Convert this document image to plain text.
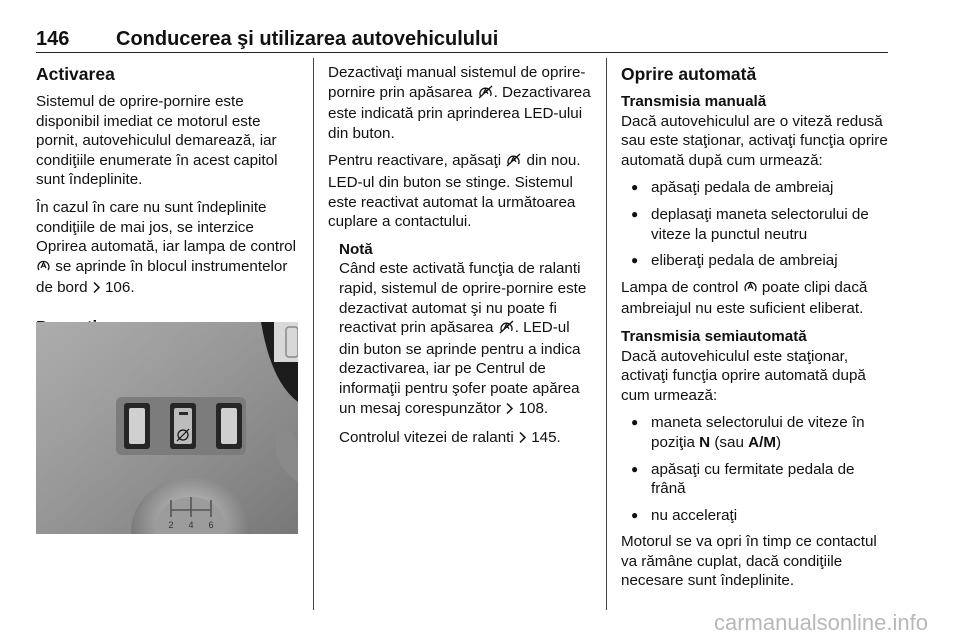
146 Conducerea şi utilizarea autovehiculului
Activarea

Sistemul de oprire-pornire este disponibil imediat ce motorul este pornit, autovehiculul demarează, iar condiţiile enumerate în acest capitol sunt îndeplinite.

În cazul în care nu sunt îndeplinite condiţiile de mai jos, se interzice Oprirea automată, iar lampa de control  se aprinde în blocul instrumentelor de bord 106.

2 4 6

Dezactivaţi manual sistemul de oprire-pornire prin apăsarea . Dezactivarea este indicată prin aprinderea LED-ului din buton.

Pentru reactivare, apăsaţi din nou. LED-ul din buton se stinge. Sistemul este reactivat automat la următoarea cuplare a contactului.

Notă

Când este activată funcţia de ralanti rapid, sistemul de oprire-pornire este dezactivat automat şi nu poate fi reactivat prin apăsarea . LED-ul din buton se aprinde pentru a indica dezactivarea, iar pe Centrul de informaţii pentru şofer poate apărea un mesaj corespunzător 108.

Controlul vitezei de ralanti 145.

Oprire automată
Transmisia manuală

Dacă autovehiculul are o viteză redusă sau este staţionar, activaţi funcţia oprire automată după cum urmează:

● apăsaţi pedala de ambreiaj
● deplasaţi maneta selectorului de viteze la punctul neutru
● eliberaţi pedala de ambreiaj

Lampa de control poate clipi dacă ambreiajul nu este suficient eliberat.

Transmisia semiautomată

Dacă autovehiculul este staţionar, activaţi funcţia oprire automată după cum urmează:

● maneta selectorului de viteze în poziţia N (sau A/M)
● apăsaţi cu fermitate pedala de frână
● nu acceleraţi

Motorul se va opri în timp ce contactul va rămâne cuplat, dacă condiţiile necesare sunt îndeplinite.

carmanualsonline.info
